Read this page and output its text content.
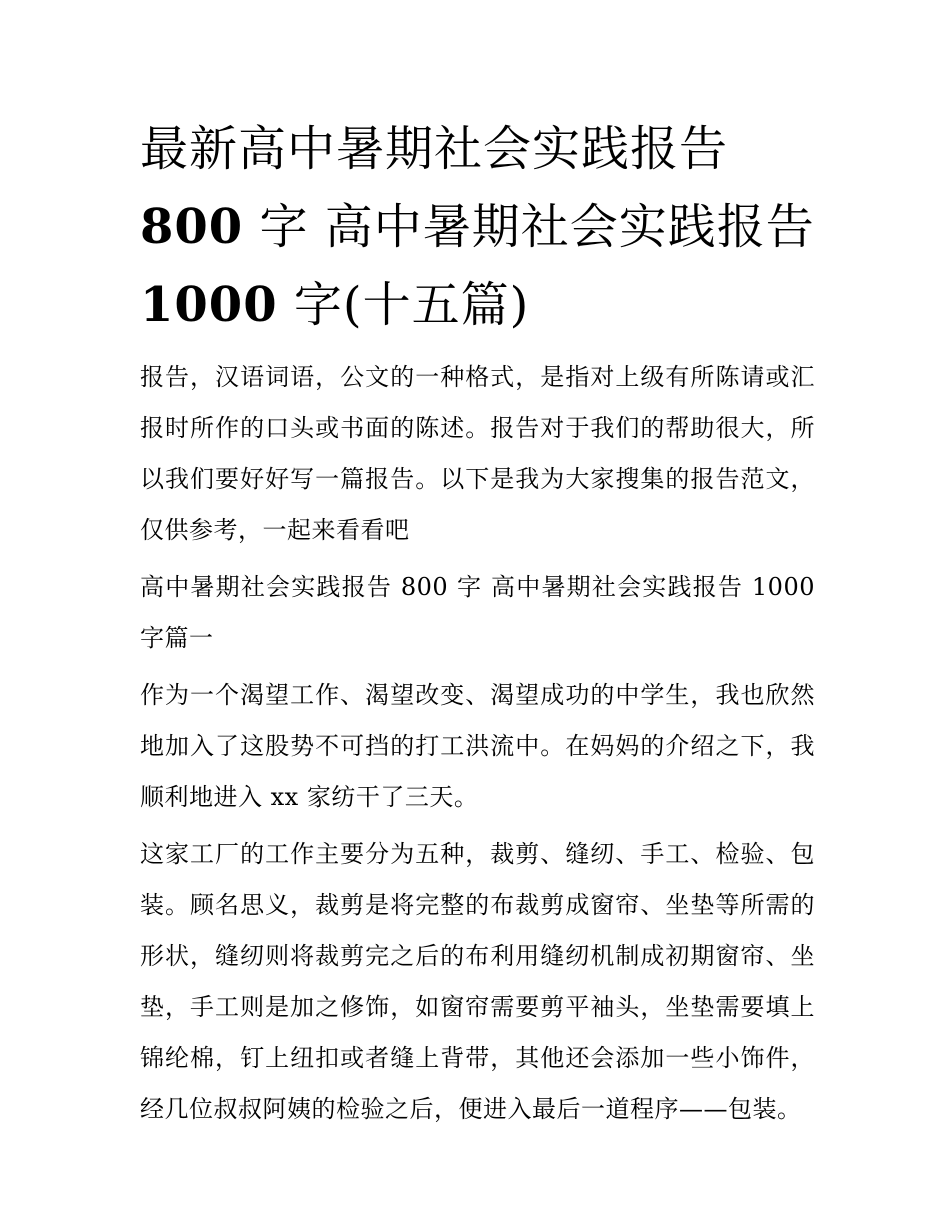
最新高中暑期社会实践报告
800 字 高中暑期社会实践报告
1000 字(十五篇)

报告，汉语词语，公文的一种格式，是指对上级有所陈请或汇报时所作的口头或书面的陈述。报告对于我们的帮助很大，所以我们要好好写一篇报告。以下是我为大家搜集的报告范文，仅供参考，一起来看看吧

高中暑期社会实践报告 800 字 高中暑期社会实践报告 1000 字篇一

作为一个渴望工作、渴望改变、渴望成功的中学生，我也欣然地加入了这股势不可挡的打工洪流中。在妈妈的介绍之下，我顺利地进入 xx 家纺干了三天。

这家工厂的工作主要分为五种，裁剪、缝纫、手工、检验、包装。顾名思义，裁剪是将完整的布裁剪成窗帘、坐垫等所需的形状，缝纫则将裁剪完之后的布利用缝纫机制成初期窗帘、坐垫，手工则是加之修饰，如窗帘需要剪平袖头，坐垫需要填上锦纶棉，钉上纽扣或者缝上背带，其他还会添加一些小饰件，经几位叔叔阿姨的检验之后，便进入最后一道程序——包装。
